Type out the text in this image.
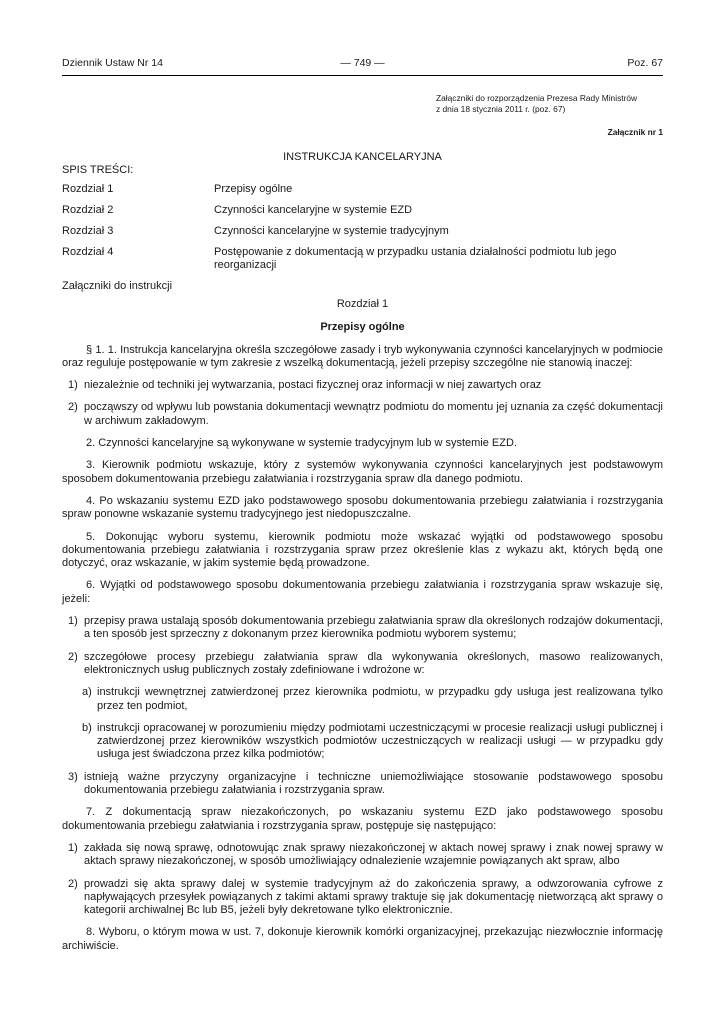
Dziennik Ustaw Nr 14	— 749 —	Poz. 67
Załączniki do rozporządzenia Prezesa Rady Ministrów
z dnia 18 stycznia 2011 r. (poz. 67)
Załącznik nr 1
INSTRUKCJA KANCELARYJNA
SPIS TREŚCI:
Rozdział 1	Przepisy ogólne
Rozdział 2	Czynności kancelaryjne w systemie EZD
Rozdział 3	Czynności kancelaryjne w systemie tradycyjnym
Rozdział 4	Postępowanie z dokumentacją w przypadku ustania działalności podmiotu lub jego reorganizacji
Załączniki do instrukcji
Rozdział 1
Przepisy ogólne

§ 1. 1. Instrukcja kancelaryjna określa szczegółowe zasady i tryb wykonywania czynności kancelaryjnych w podmiocie oraz reguluje postępowanie w tym zakresie z wszelką dokumentacją, jeżeli przepisy szczególne nie stanowią inaczej:

1) niezależnie od techniki jej wytwarzania, postaci fizycznej oraz informacji w niej zawartych oraz
2) począwszy od wpływu lub powstania dokumentacji wewnątrz podmiotu do momentu jej uznania za część dokumentacji w archiwum zakładowym.

2. Czynności kancelaryjne są wykonywane w systemie tradycyjnym lub w systemie EZD.

3. Kierownik podmiotu wskazuje, który z systemów wykonywania czynności kancelaryjnych jest podstawowym sposobem dokumentowania przebiegu załatwiania i rozstrzygania spraw dla danego podmiotu.

4. Po wskazaniu systemu EZD jako podstawowego sposobu dokumentowania przebiegu załatwiania i rozstrzygania spraw ponowne wskazanie systemu tradycyjnego jest niedopuszczalne.

5. Dokonując wyboru systemu, kierownik podmiotu może wskazać wyjątki od podstawowego sposobu dokumentowania przebiegu załatwiania i rozstrzygania spraw przez określenie klas z wykazu akt, których będą one dotyczyć, oraz wskazanie, w jakim systemie będą prowadzone.

6. Wyjątki od podstawowego sposobu dokumentowania przebiegu załatwiania i rozstrzygania spraw wskazuje się, jeżeli:

1) przepisy prawa ustalają sposób dokumentowania przebiegu załatwiania spraw dla określonych rodzajów dokumentacji, a ten sposób jest sprzeczny z dokonanym przez kierownika podmiotu wyborem systemu;
2) szczegółowe procesy przebiegu załatwiania spraw dla wykonywania określonych, masowo realizowanych, elektronicznych usług publicznych zostały zdefiniowane i wdrożone w:
a) instrukcji wewnętrznej zatwierdzonej przez kierownika podmiotu, w przypadku gdy usługa jest realizowana tylko przez ten podmiot,
b) instrukcji opracowanej w porozumieniu między podmiotami uczestniczącymi w procesie realizacji usługi publicznej i zatwierdzonej przez kierowników wszystkich podmiotów uczestniczących w realizacji usługi — w przypadku gdy usługa jest świadczona przez kilka podmiotów;
3) istnieją ważne przyczyny organizacyjne i techniczne uniemożliwiające stosowanie podstawowego sposobu dokumentowania przebiegu załatwiania i rozstrzygania spraw.

7. Z dokumentacją spraw niezakończonych, po wskazaniu systemu EZD jako podstawowego sposobu dokumentowania przebiegu załatwiania i rozstrzygania spraw, postępuje się następująco:

1) zakłada się nową sprawę, odnotowując znak sprawy niezakończonej w aktach nowej sprawy i znak nowej sprawy w aktach sprawy niezakończonej, w sposób umożliwiający odnalezienie wzajemnie powiązanych akt spraw, albo
2) prowadzi się akta sprawy dalej w systemie tradycyjnym aż do zakończenia sprawy, a odwzorowania cyfrowe z napływających przesyłek powiązanych z takimi aktami sprawy traktuje się jak dokumentację nietworzącą akt sprawy o kategorii archiwalnej Bc lub B5, jeżeli były dekretowane tylko elektronicznie.

8. Wyboru, o którym mowa w ust. 7, dokonuje kierownik komórki organizacyjnej, przekazując niezwłocznie informację archiwiście.
